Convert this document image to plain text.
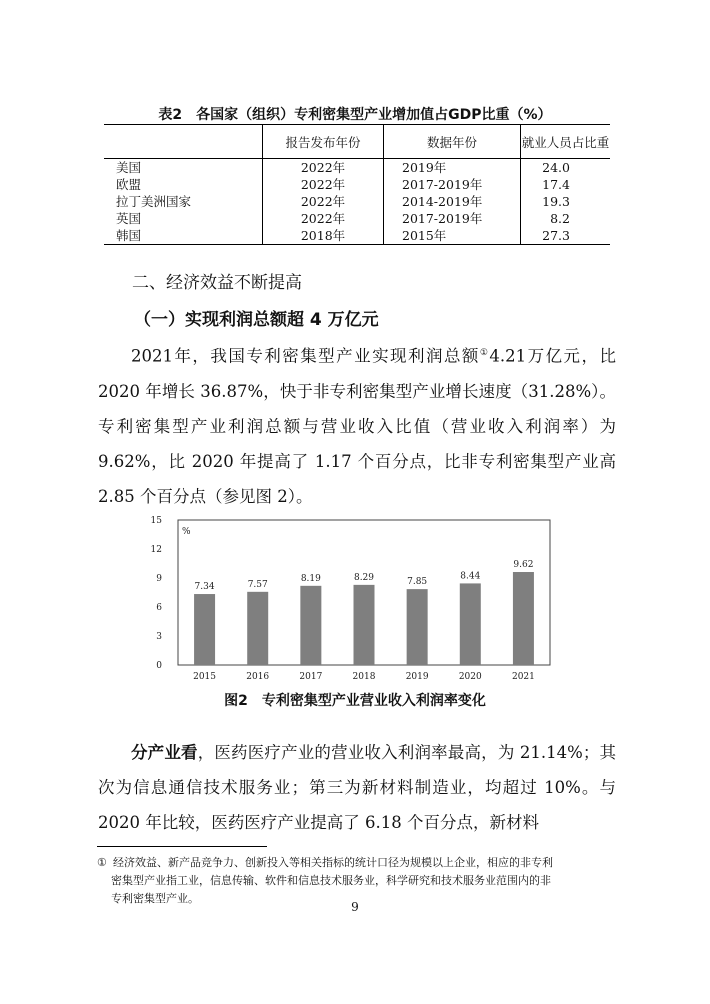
表2　各国家（组织）专利密集型产业增加值占GDP比重（%）
	报告发布年份	数据年份	就业人员占比重
美国	2022年	2019年	24.0
欧盟	2022年	2017-2019年	17.4
拉丁美洲国家	2022年	2014-2019年	19.3
英国	2022年	2017-2019年	8.2
韩国	2018年	2015年	27.3
二、经济效益不断提高
（一）实现利润总额超 4 万亿元

2021年，我国专利密集型产业实现利润总额①4.21万亿元，比 2020 年增长 36.87%，快于非专利密集型产业增长速度（31.28%）。专利密集型产业利润总额与营业收入比值（营业收入利润率）为 9.62%，比 2020 年提高了 1.17 个百分点，比非专利密集型产业高 2.85 个百分点（参见图 2）。

0
3
6
9
12
15
%
7.34
2015
7.57
2016
8.19
2017
8.29
2018
7.85
2019
8.44
2020
9.62
2021
图2　专利密集型产业营业收入利润率变化

分产业看，医药医疗产业的营业收入利润率最高，为 21.14%；其次为信息通信技术服务业；第三为新材料制造业，均超过 10%。与 2020 年比较，医药医疗产业提高了 6.18 个百分点，新材料

① 经济效益、新产品竞争力、创新投入等相关指标的统计口径为规模以上企业，相应的非专利
密集型产业指工业，信息传输、软件和信息技术服务业，科学研究和技术服务业范围内的非
专利密集型产业。
9
